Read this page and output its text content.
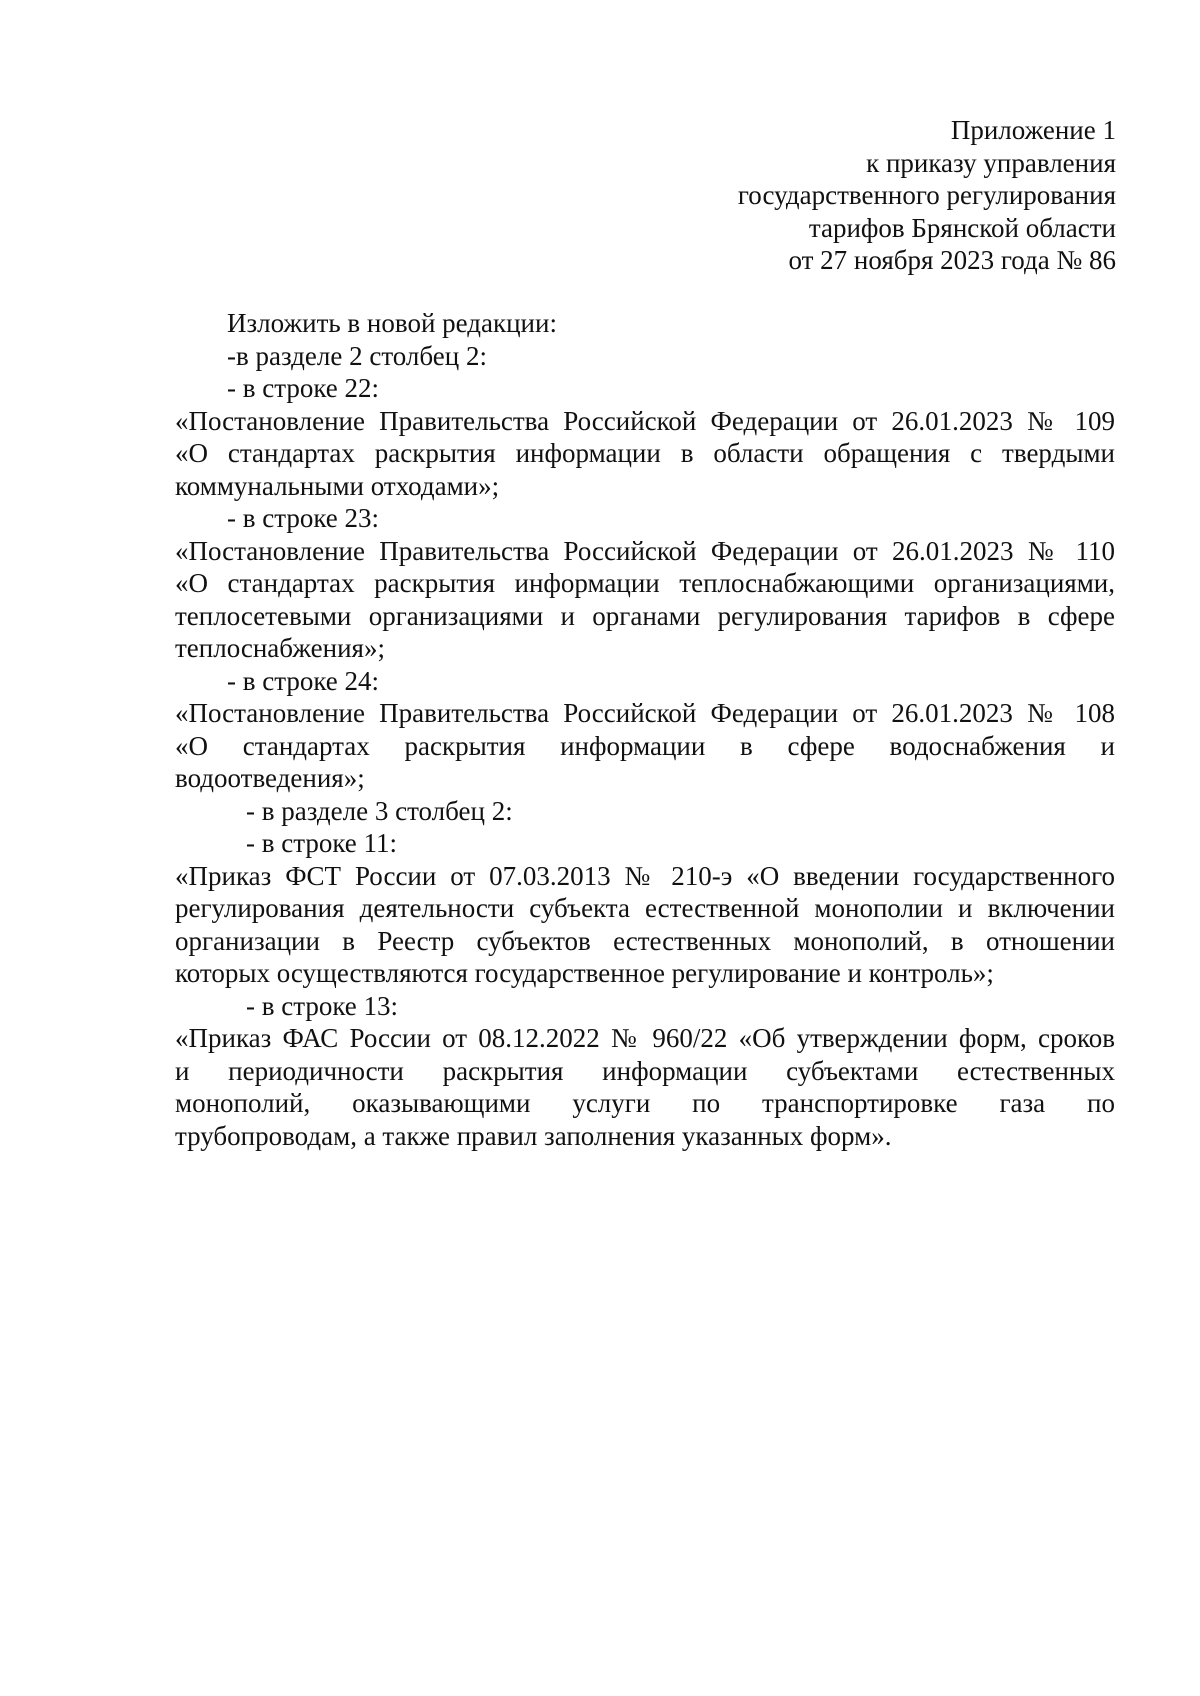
Приложение 1
к приказу управления
государственного регулирования
тарифов Брянской области
от 27 ноября 2023 года № 86
Изложить в новой редакции:
-в разделе 2 столбец 2:
- в строке 22:
«Постановление Правительства Российской Федерации от 26.01.2023 № 109
«О стандартах раскрытия информации в области обращения с твердыми
коммунальными отходами»;
- в строке 23:
«Постановление Правительства Российской Федерации от 26.01.2023 № 110
«О стандартах раскрытия информации теплоснабжающими организациями,
теплосетевыми организациями и органами регулирования тарифов в сфере
теплоснабжения»;
- в строке 24:
«Постановление Правительства Российской Федерации от 26.01.2023 № 108
«О стандартах раскрытия информации в сфере водоснабжения и
водоотведения»;
- в разделе 3 столбец 2:
- в строке 11:
«Приказ ФСТ России от 07.03.2013 № 210-э «О введении государственного
регулирования деятельности субъекта естественной монополии и включении
организации в Реестр субъектов естественных монополий, в отношении
которых осуществляются государственное регулирование и контроль»;
- в строке 13:
«Приказ ФАС России от 08.12.2022 № 960/22 «Об утверждении форм, сроков
и периодичности раскрытия информации субъектами естественных
монополий, оказывающими услуги по транспортировке газа по
трубопроводам, а также правил заполнения указанных форм».
